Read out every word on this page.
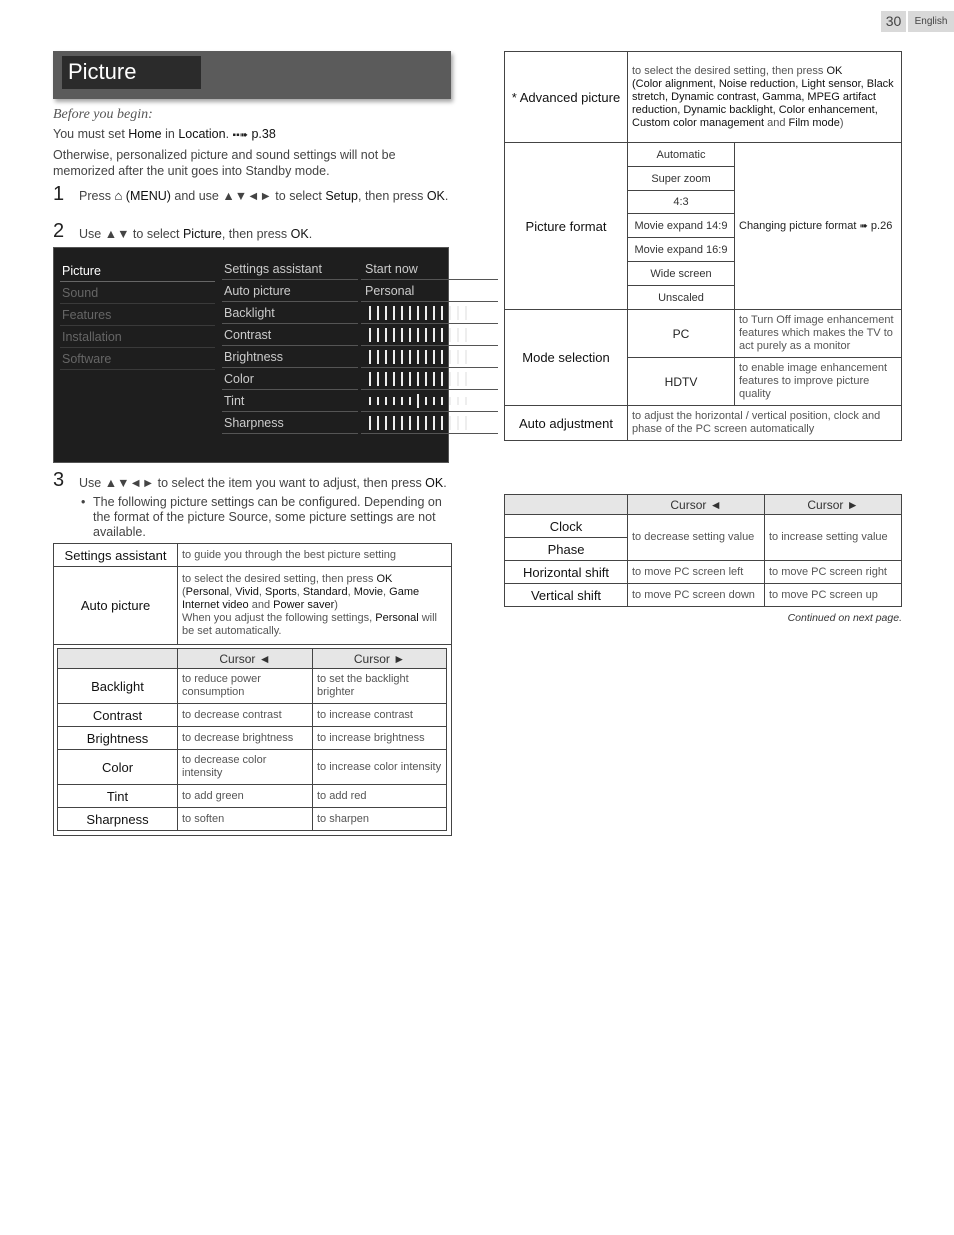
30	English
Picture
Before you begin:
You must set Home in Location. ▪▪➠ p.38
Otherwise, personalized picture and sound settings will not be memorized after the unit goes into Standby mode.
1 Press ⌂ (MENU) and use ▲▼◄► to select Setup, then press OK.
2 Use ▲▼ to select Picture, then press OK.
Picture
Sound
Features
Installation
Software
Settings assistant
Auto picture
Backlight
Contrast
Brightness
Color
Tint
Sharpness
Start now
Personal
3 Use ▲▼◄► to select the item you want to adjust, then press OK.
• The following picture settings can be configured. Depending on the format of the picture Source, some picture settings are not available.
Settings assistant	to guide you through the best picture setting
Auto picture	to select the desired setting, then press OK
(Personal, Vivid, Sports, Standard, Movie, Game Internet video and Power saver)
When you adjust the following settings, Personal will be set automatically.
	Cursor ◄	Cursor ►
Backlight	to reduce power consumption	to set the backlight brighter
Contrast	to decrease contrast	to increase contrast
Brightness	to decrease brightness	to increase brightness
Color	to decrease color intensity	to increase color intensity
Tint	to add green	to add red
Sharpness	to soften	to sharpen
* Advanced picture	to select the desired setting, then press OK
(Color alignment, Noise reduction, Light sensor, Black stretch, Dynamic contrast, Gamma, MPEG artifact reduction, Dynamic backlight, Color enhancement, Custom color management and Film mode)	
Picture format	Automatic	Changing picture format ➠ p.26
	Super zoom	
	4:3	
	Movie expand 14:9	
	Movie expand 16:9	
	Wide screen	
	Unscaled	
Mode selection	PC	to Turn Off image enhancement features which makes the TV to act purely as a monitor
	HDTV	to enable image enhancement features to improve picture quality
Auto adjustment	to adjust the horizontal / vertical position, clock and phase of the PC screen automatically	
	Cursor ◄	Cursor ►
Clock	to decrease setting value	to increase setting value
Phase		
Horizontal shift	to move PC screen left	to move PC screen right
Vertical shift	to move PC screen down	to move PC screen up
Continued on next page.
